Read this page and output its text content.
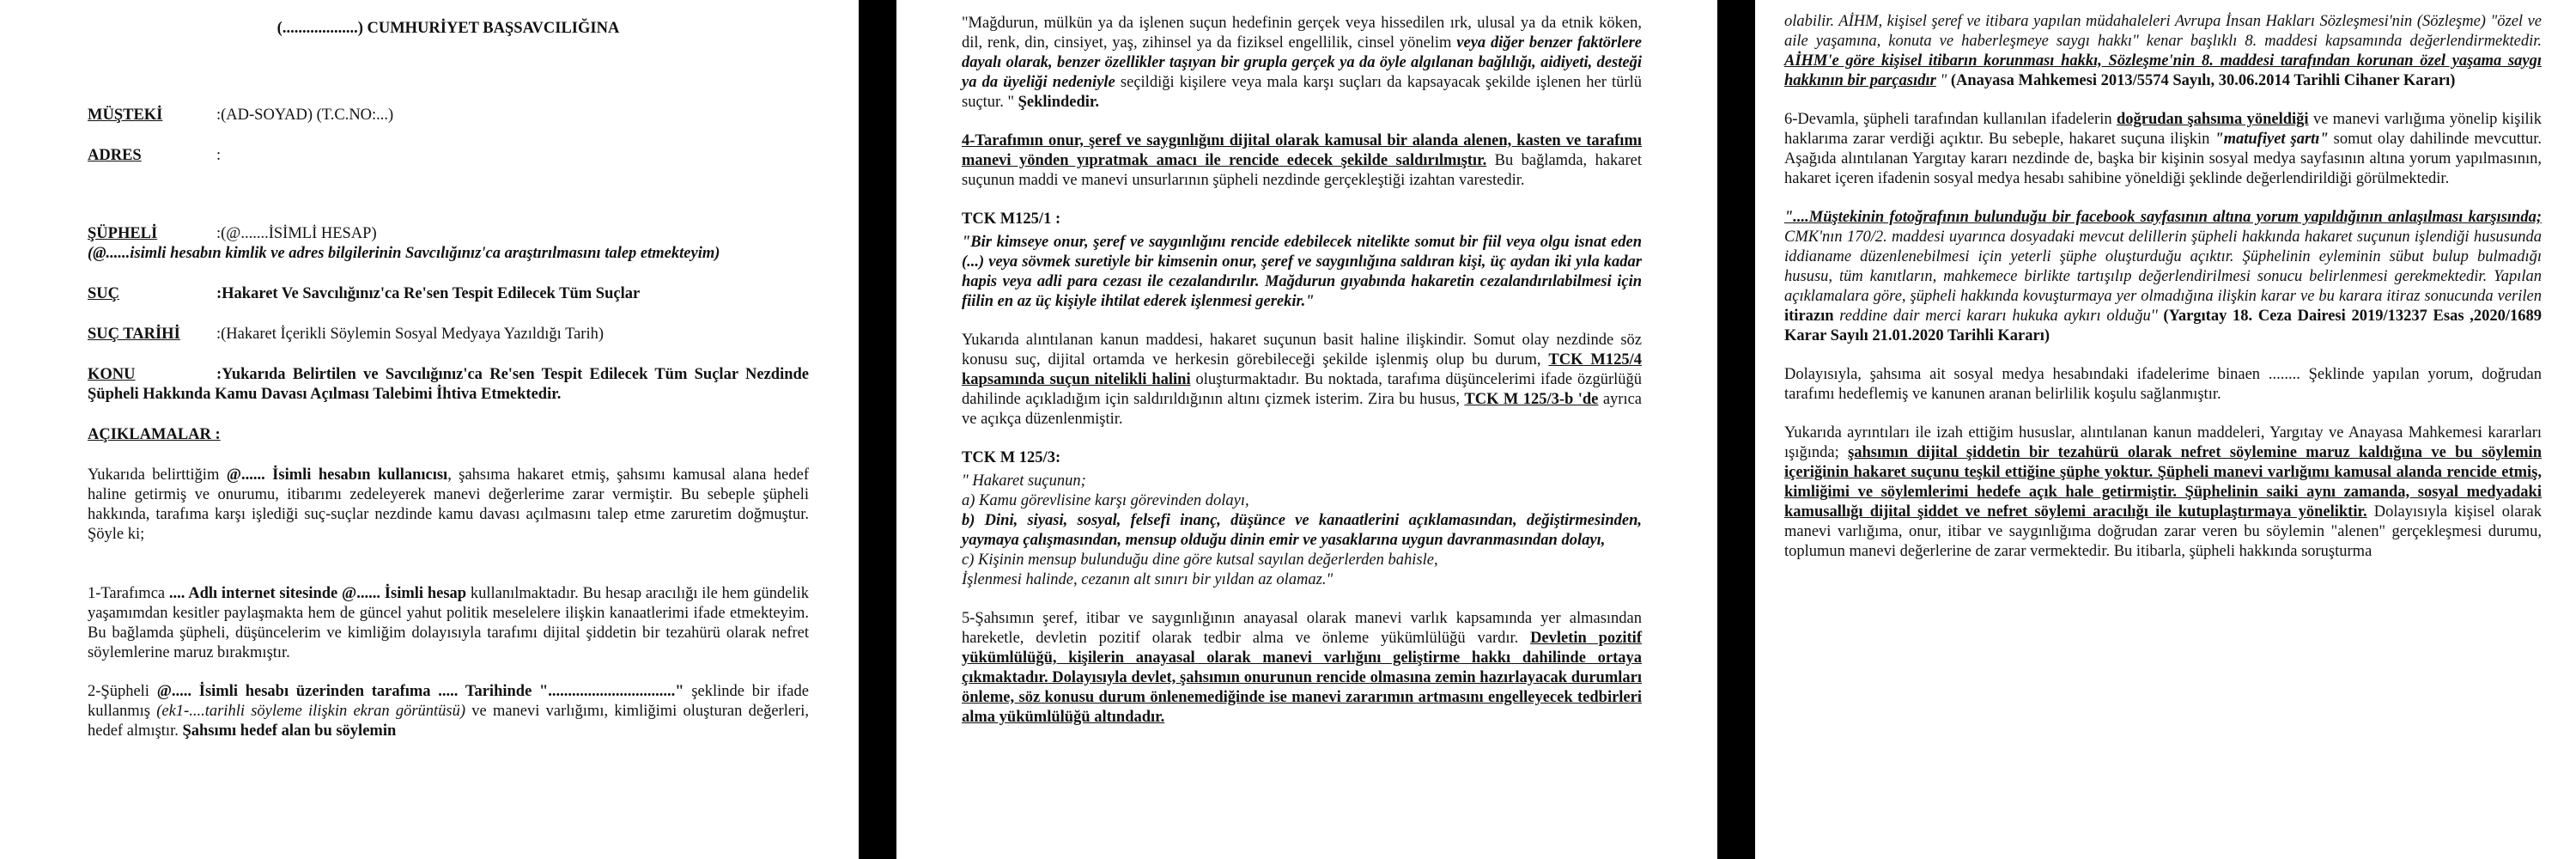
(...................) CUMHURİYET BAŞSAVCILIĞINA

MÜŞTEKİ	:(AD-SOYAD) (T.C.NO:...)

ADRES	:

ŞÜPHELİ	:(@.......İSİMLİ HESAP)

(@......isimli hesabın kimlik ve adres bilgilerinin Savcılığınız'ca araştırılmasını talep etmekteyim)

SUÇ	:Hakaret Ve Savcılığınız'ca Re'sen Tespit Edilecek Tüm Suçlar

SUÇ TARİHİ :(Hakaret İçerikli Söylemin Sosyal Medyaya Yazıldığı Tarih)

KONU	:Yukarıda Belirtilen ve Savcılığınız'ca Re'sen Tespit Edilecek Tüm Suçlar Nezdinde Şüpheli Hakkında Kamu Davası Açılması Talebimi İhtiva Etmektedir.

AÇIKLAMALAR :

Yukarıda belirttiğim @...... İsimli hesabın kullanıcısı, şahsıma hakaret etmiş, şahsımı kamusal alana hedef haline getirmiş ve onurumu, itibarımı zedeleyerek manevi değerlerime zarar vermiştir. Bu sebeple şüpheli hakkında, tarafıma karşı işlediği suç-suçlar nezdinde kamu davası açılmasını talep etme zaruretim doğmuştur. Şöyle ki;

1-Tarafımca .... Adlı internet sitesinde @...... İsimli hesap kullanılmaktadır. Bu hesap aracılığı ile hem gündelik yaşamımdan kesitler paylaşmakta hem de güncel yahut politik meselelere ilişkin kanaatlerimi ifade etmekteyim. Bu bağlamda şüpheli, düşüncelerim ve kimliğim dolayısıyla tarafımı dijital şiddetin bir tezahürü olarak nefret söylemlerine maruz bırakmıştır.

2-Şüpheli @..... İsimli hesabı üzerinden tarafıma ..... Tarihinde "................................" şeklinde bir ifade kullanmış (ek1-....tarihli söyleme ilişkin ekran görüntüsü) ve manevi varlığımı, kimliğimi oluşturan değerleri, hedef almıştır. Şahsımı hedef alan bu söylemin

"Mağdurun, mülkün ya da işlenen suçun hedefinin gerçek veya hissedilen ırk, ulusal ya da etnik köken, dil, renk, din, cinsiyet, yaş, zihinsel ya da fiziksel engellilik, cinsel yönelim veya diğer benzer faktörlere dayalı olarak, benzer özellikler taşıyan bir grupla gerçek ya da öyle algılanan bağlılığı, aidiyeti, desteği ya da üyeliği nedeniyle seçildiği kişilere veya mala karşı suçları da kapsayacak şekilde işlenen her türlü suçtur. " Şeklindedir.

4-Tarafımın onur, şeref ve saygınlığını dijital olarak kamusal bir alanda alenen, kasten ve tarafımı manevi yönden yıpratmak amacı ile rencide edecek şekilde saldırılmıştır. Bu bağlamda, hakaret suçunun maddi ve manevi unsurlarının şüpheli nezdinde gerçekleştiği izahtan varestedir.

TCK M125/1 :

"Bir kimseye onur, şeref ve saygınlığını rencide edebilecek nitelikte somut bir fiil veya olgu isnat eden (...) veya sövmek suretiyle bir kimsenin onur, şeref ve saygınlığına saldıran kişi, üç aydan iki yıla kadar hapis veya adli para cezası ile cezalandırılır. Mağdurun gıyabında hakaretin cezalandırılabilmesi için fiilin en az üç kişiyle ihtilat ederek işlenmesi gerekir."

Yukarıda alıntılanan kanun maddesi, hakaret suçunun basit haline ilişkindir. Somut olay nezdinde söz konusu suç, dijital ortamda ve herkesin görebileceği şekilde işlenmiş olup bu durum, TCK M125/4 kapsamında suçun nitelikli halini oluşturmaktadır. Bu noktada, tarafıma düşüncelerimi ifade özgürlüğü dahilinde açıkladığım için saldırıldığının altını çizmek isterim. Zira bu husus, TCK M 125/3-b 'de ayrıca ve açıkça düzenlenmiştir.

TCK M 125/3:
" Hakaret suçunun;
a) Kamu görevlisine karşı görevinden dolayı,
b) Dini, siyasi, sosyal, felsefi inanç, düşünce ve kanaatlerini açıklamasından, değiştirmesinden, yaymaya çalışmasından, mensup olduğu dinin emir ve yasaklarına uygun davranmasından dolayı,
c) Kişinin mensup bulunduğu dine göre kutsal sayılan değerlerden bahisle,
İşlenmesi halinde, cezanın alt sınırı bir yıldan az olamaz."

5-Şahsımın şeref, itibar ve saygınlığının anayasal olarak manevi varlık kapsamında yer almasından hareketle, devletin pozitif olarak tedbir alma ve önleme yükümlülüğü vardır. Devletin pozitif yükümlülüğü, kişilerin anayasal olarak manevi varlığını geliştirme hakkı dahilinde ortaya çıkmaktadır. Dolayısıyla devlet, şahsımın onurunun rencide olmasına zemin hazırlayacak durumları önleme, söz konusu durum önlenemediğinde ise manevi zararımın artmasını engelleyecek tedbirleri alma yükümlülüğü altındadır.

olabilir. AİHM, kişisel şeref ve itibara yapılan müdahaleleri Avrupa İnsan Hakları Sözleşmesi'nin (Sözleşme) "özel ve aile yaşamına, konuta ve haberleşmeye saygı hakkı" kenar başlıklı 8. maddesi kapsamında değerlendirmektedir. AİHM'e göre kişisel itibarın korunması hakkı, Sözleşme'nin 8. maddesi tarafından korunan özel yaşama saygı hakkının bir parçasıdır " (Anayasa Mahkemesi 2013/5574 Sayılı, 30.06.2014 Tarihli Cihaner Kararı)

6-Devamla, şüpheli tarafından kullanılan ifadelerin doğrudan şahsıma yöneldiği ve manevi varlığıma yönelip kişilik haklarıma zarar verdiği açıktır. Bu sebeple, hakaret suçuna ilişkin "matufiyet şartı" somut olay dahilinde mevcuttur. Aşağıda alıntılanan Yargıtay kararı nezdinde de, başka bir kişinin sosyal medya sayfasının altına yorum yapılmasının, hakaret içeren ifadenin sosyal medya hesabı sahibine yöneldiği şeklinde değerlendirildiği görülmektedir.

"....Müştekinin fotoğrafının bulunduğu bir facebook sayfasının altına yorum yapıldığının anlaşılması karşısında; CMK'nın 170/2. maddesi uyarınca dosyadaki mevcut delillerin şüpheli hakkında hakaret suçunun işlendiği hususunda iddianame düzenlenebilmesi için yeterli şüphe oluşturduğu açıktır. Şüphelinin eyleminin sübut bulup bulmadığı hususu, tüm kanıtların, mahkemece birlikte tartışılıp değerlendirilmesi sonucu belirlenmesi gerekmektedir. Yapılan açıklamalara göre, şüpheli hakkında kovuşturmaya yer olmadığına ilişkin karar ve bu karara itiraz sonucunda verilen itirazın reddine dair merci kararı hukuka aykırı olduğu'' (Yargıtay 18. Ceza Dairesi 2019/13237 Esas ,2020/1689 Karar Sayılı 21.01.2020 Tarihli Kararı)

Dolayısıyla, şahsıma ait sosyal medya hesabındaki ifadelerime binaen ........ Şeklinde yapılan yorum, doğrudan tarafımı hedeflemiş ve kanunen aranan belirlilik koşulu sağlanmıştır.

Yukarıda ayrıntıları ile izah ettiğim hususlar, alıntılanan kanun maddeleri, Yargıtay ve Anayasa Mahkemesi kararları ışığında; şahsımın dijital şiddetin bir tezahürü olarak nefret söylemine maruz kaldığına ve bu söylemin içeriğinin hakaret suçunu teşkil ettiğine şüphe yoktur. Şüpheli manevi varlığımı kamusal alanda rencide etmiş, kimliğimi ve söylemlerimi hedefe açık hale getirmiştir. Şüphelinin saiki aynı zamanda, sosyal medyadaki kamusallığı dijital şiddet ve nefret söylemi aracılığı ile kutuplaştırmaya yöneliktir. Dolayısıyla kişisel olarak manevi varlığıma, onur, itibar ve saygınlığıma doğrudan zarar veren bu söylemin "alenen" gerçekleşmesi durumu, toplumun manevi değerlerine de zarar vermektedir. Bu itibarla, şüpheli hakkında soruşturma
